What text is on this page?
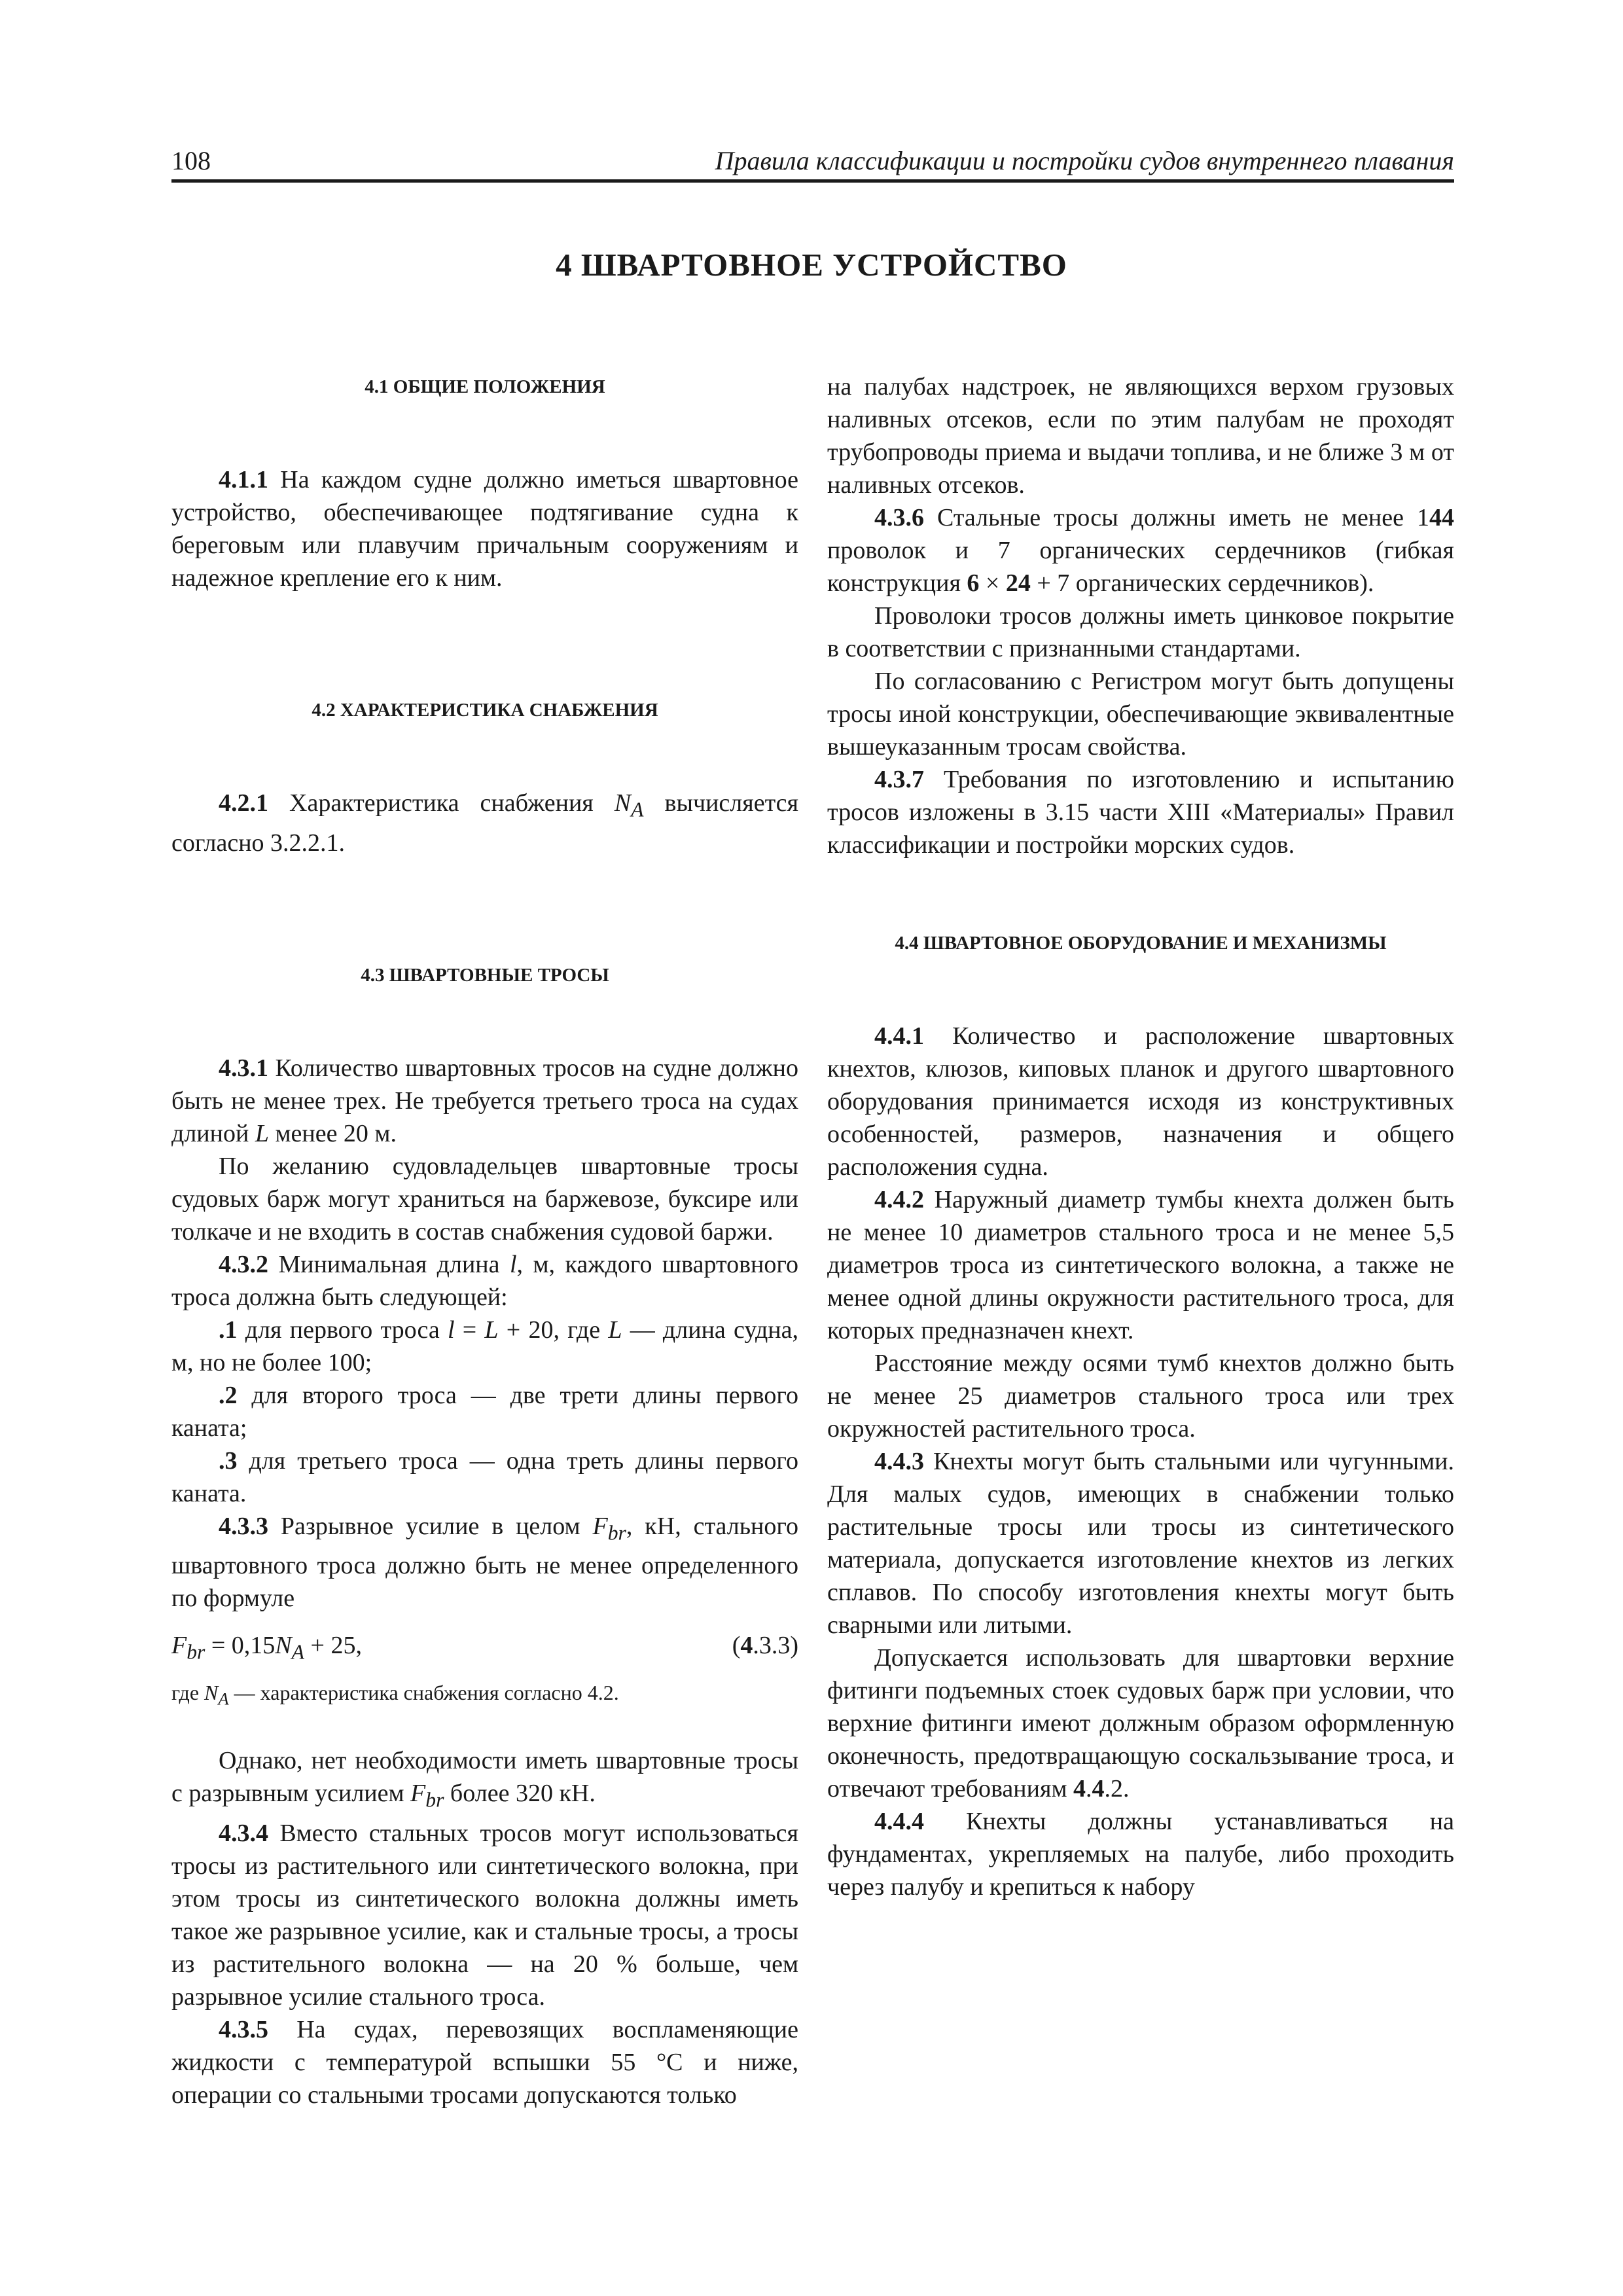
108	Правила классификации и постройки судов внутреннего плавания
4 ШВАРТОВНОЕ УСТРОЙСТВО
4.1 ОБЩИЕ ПОЛОЖЕНИЯ

4.1.1 На каждом судне должно иметься швартовное устройство, обеспечивающее подтягивание судна к береговым или плавучим причальным сооружениям и надежное крепление его к ним.

4.2 ХАРАКТЕРИСТИКА СНАБЖЕНИЯ

4.2.1 Характеристика снабжения $N_A$ вычисляется согласно 3.2.2.1.

4.3 ШВАРТОВНЫЕ ТРОСЫ

4.3.1 Количество швартовных тросов на судне должно быть не менее трех. Не требуется третьего троса на судах длиной L менее 20 м.

По желанию судовладельцев швартовные тросы судовых барж могут храниться на баржевозе, буксире или толкаче и не входить в состав снабжения судовой баржи.

4.3.2 Минимальная длина l, м, каждого швартовного троса должна быть следующей:

.1 для первого троса l = L + 20, где L — длина судна, м, но не более 100;

.2 для второго троса — две трети длины первого каната;

.3 для третьего троса — одна треть длины первого каната.

4.3.3 Разрывное усилие в целом $F_{br}$, кН, стального швартовного троса должно быть не менее определенного по формуле

$F_{br} = 0,15N_A + 25$,	(4.3.3)

где $N_A$ — характеристика снабжения согласно 4.2.

Однако, нет необходимости иметь швартовные тросы с разрывным усилием $F_{br}$ более 320 кН.

4.3.4 Вместо стальных тросов могут использоваться тросы из растительного или синтетического волокна, при этом тросы из синтетического волокна должны иметь такое же разрывное усилие, как и стальные тросы, а тросы из растительного волокна — на 20 % больше, чем разрывное усилие стального троса.

4.3.5 На судах, перевозящих воспламеняющие жидкости с температурой вспышки 55 °C и ниже, операции со стальными тросами допускаются только

на палубах надстроек, не являющихся верхом грузовых наливных отсеков, если по этим палубам не проходят трубопроводы приема и выдачи топлива, и не ближе 3 м от наливных отсеков.

4.3.6 Стальные тросы должны иметь не менее 144 проволок и 7 органических сердечников (гибкая конструкция 6 × 24 + 7 органических сердечников).

Проволоки тросов должны иметь цинковое покрытие в соответствии с признанными стандартами.

По согласованию с Регистром могут быть допущены тросы иной конструкции, обеспечивающие эквивалентные вышеуказанным тросам свойства.

4.3.7 Требования по изготовлению и испытанию тросов изложены в 3.15 части XIII «Материалы» Правил классификации и постройки морских судов.

4.4 ШВАРТОВНОЕ ОБОРУДОВАНИЕ И МЕХАНИЗМЫ

4.4.1 Количество и расположение швартовных кнехтов, клюзов, киповых планок и другого швартовного оборудования принимается исходя из конструктивных особенностей, размеров, назначения и общего расположения судна.

4.4.2 Наружный диаметр тумбы кнехта должен быть не менее 10 диаметров стального троса и не менее 5,5 диаметров троса из синтетического волокна, а также не менее одной длины окружности растительного троса, для которых предназначен кнехт.

Расстояние между осями тумб кнехтов должно быть не менее 25 диаметров стального троса или трех окружностей растительного троса.

4.4.3 Кнехты могут быть стальными или чугунными. Для малых судов, имеющих в снабжении только растительные тросы или тросы из синтетического материала, допускается изготовление кнехтов из легких сплавов. По способу изготовления кнехты могут быть сварными или литыми.

Допускается использовать для швартовки верхние фитинги подъемных стоек судовых барж при условии, что верхние фитинги имеют должным образом оформленную оконечность, предотвращающую соскальзывание троса, и отвечают требованиям 4.4.2.

4.4.4 Кнехты должны устанавливаться на фундаментах, укрепляемых на палубе, либо проходить через палубу и крепиться к набору
